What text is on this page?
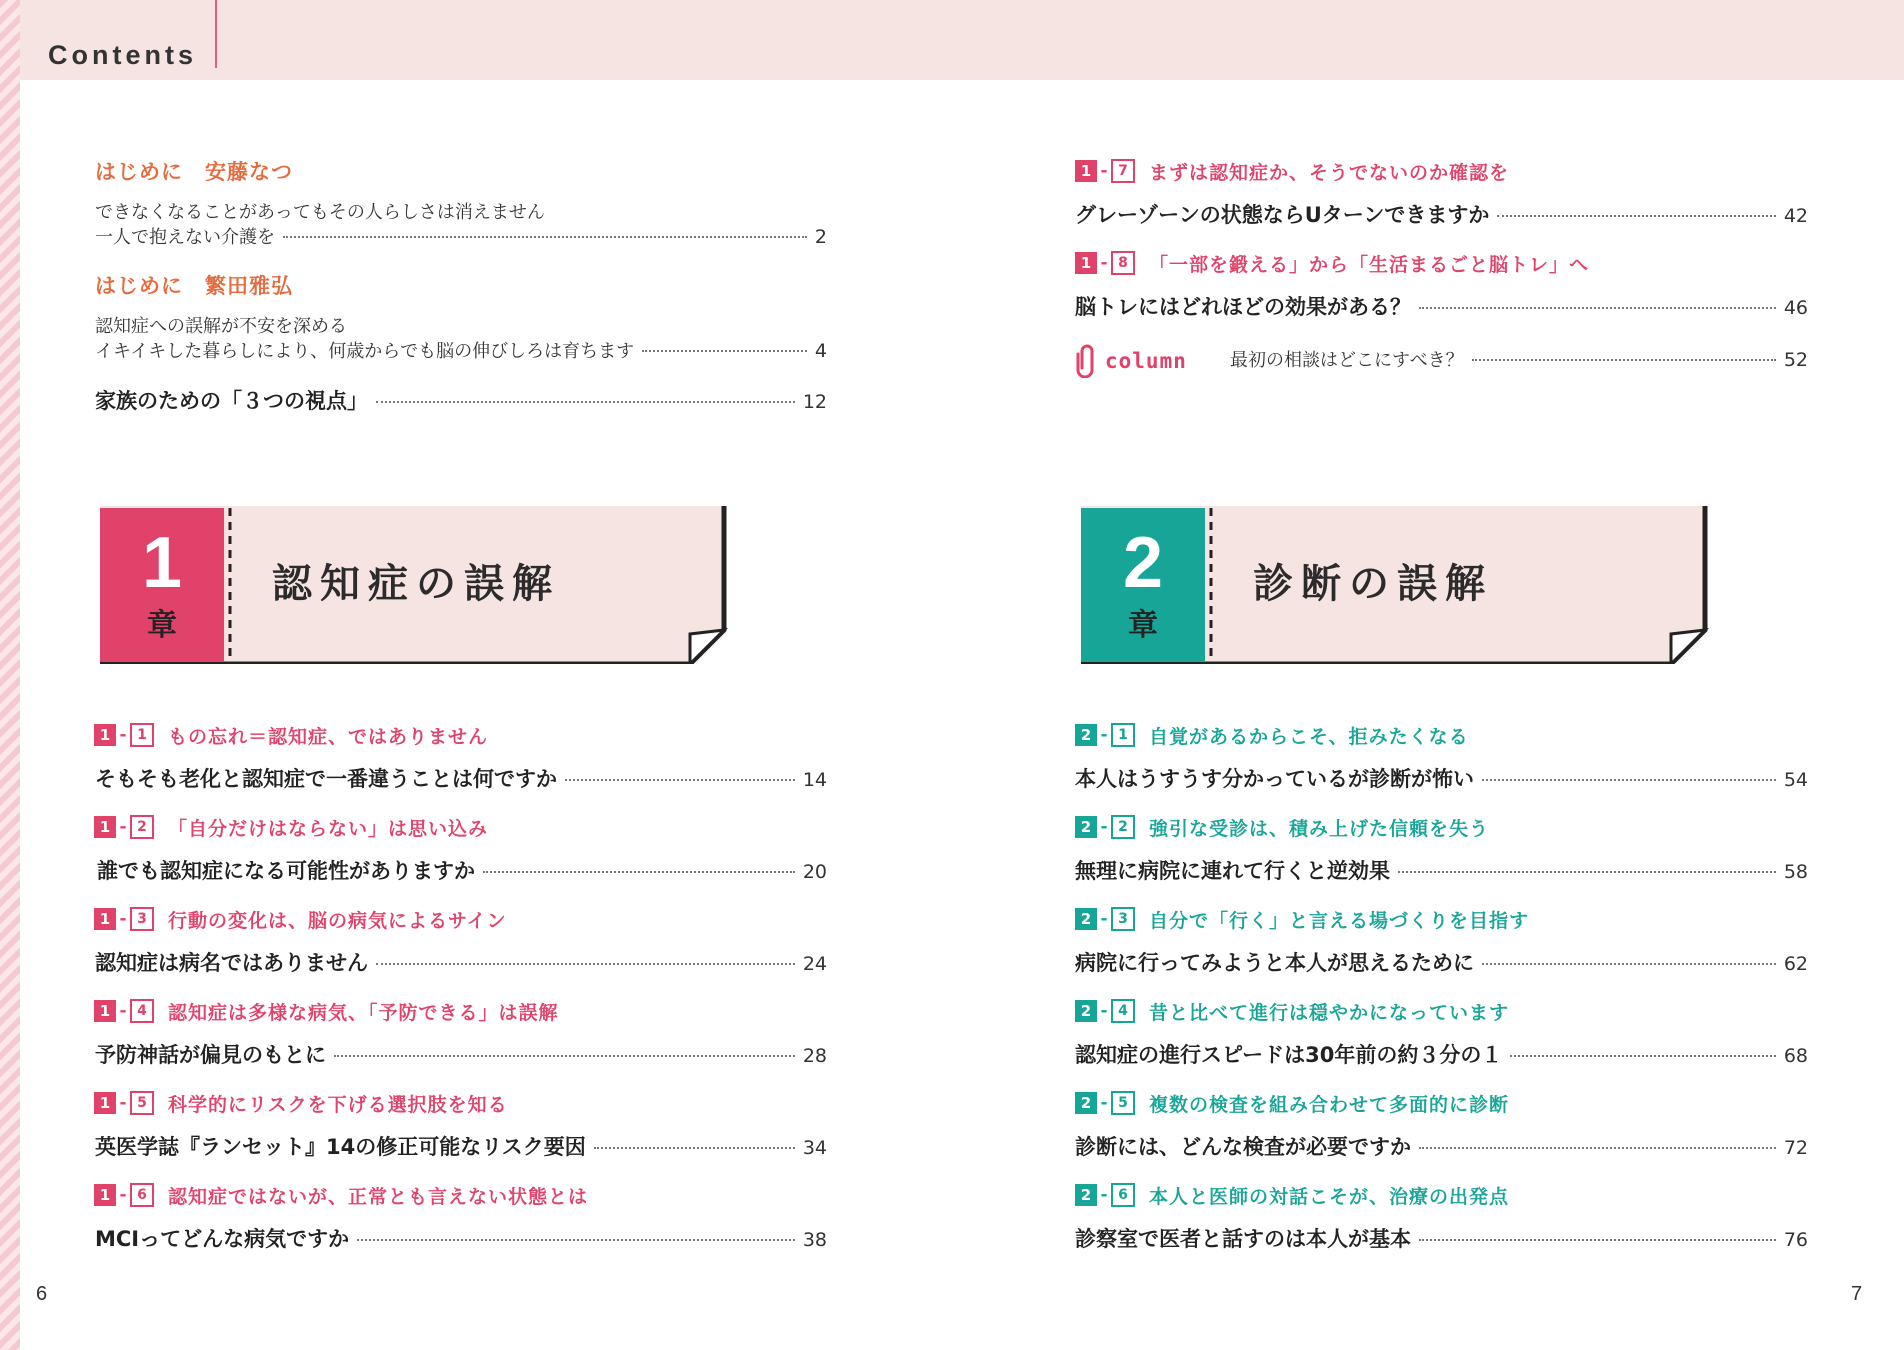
Contents
6	7
はじめに　安藤なつ
できなくなることがあってもその人らしさは消えません
一人で抱えない介護を	2
はじめに　繁田雅弘
認知症への誤解が不安を深める
イキイキした暮らしにより、何歳からでも脳の伸びしろは育ちます	4
家族のための「３つの視点」	12
1
章
認知症の誤解
1 - 1	もの忘れ＝認知症、ではありません
そもそも老化と認知症で一番違うことは何ですか	14
1 - 2	「自分だけはならない」は思い込み
誰でも認知症になる可能性がありますか	20
1 - 3	行動の変化は、脳の病気によるサイン
認知症は病名ではありません	24
1 - 4	認知症は多様な病気、「予防できる」は誤解
予防神話が偏見のもとに	28
1 - 5	科学的にリスクを下げる選択肢を知る
英医学誌『ランセット』14の修正可能なリスク要因	34
1 - 6	認知症ではないが、正常とも言えない状態とは
MCIってどんな病気ですか	38
1 - 7	まずは認知症か、そうでないのか確認を
グレーゾーンの状態ならUターンできますか	42
1 - 8	「一部を鍛える」から「生活まるごと脳トレ」へ
脳トレにはどれほどの効果がある？	46
column 最初の相談はどこにすべき？	52
2
章
診断の誤解
2 - 1	自覚があるからこそ、拒みたくなる
本人はうすうす分かっているが診断が怖い	54
2 - 2	強引な受診は、積み上げた信頼を失う
無理に病院に連れて行くと逆効果	58
2 - 3	自分で「行く」と言える場づくりを目指す
病院に行ってみようと本人が思えるために	62
2 - 4	昔と比べて進行は穏やかになっています
認知症の進行スピードは30年前の約３分の１	68
2 - 5	複数の検査を組み合わせて多面的に診断
診断には、どんな検査が必要ですか	72
2 - 6	本人と医師の対話こそが、治療の出発点
診察室で医者と話すのは本人が基本	76
